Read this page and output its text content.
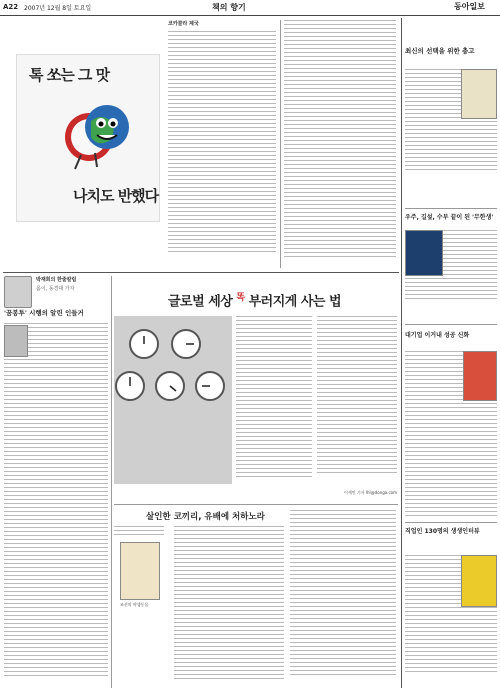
A22 2007년 12월 8일 토요일	책의 향기	동아일보
톡 쏘는 그 맛
나치도 반했다
코카콜라 제국
최신의 선택을 위한 충고
우주, 길섶, 수부 끝이 된 '무한생'
대기업 이거내 성공 신화
직업인 130명의 생생인터뷰
박재희의 한줄칼럼
몸이, 동경대 가자
'꿈봉투' 시행의 알린 인들거
글로벌 세상 $^똑$ 부러지게 사는 법
이세민 기자 lhl@donga.com
살인한 코끼리, 유배에 처하노라
조선의 야생동물
